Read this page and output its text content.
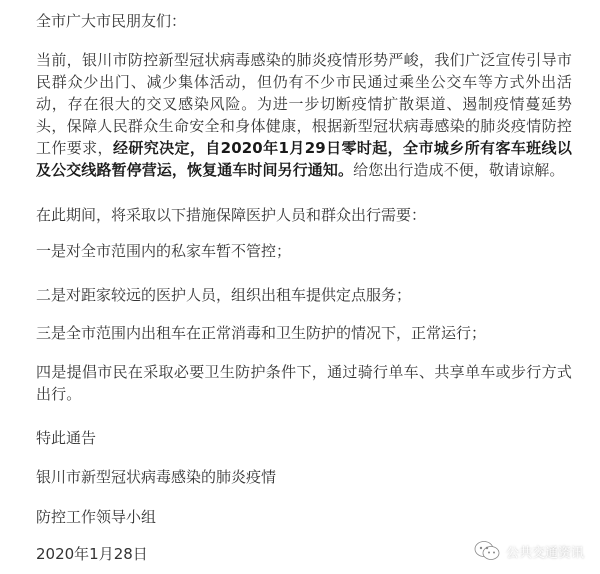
全市广大市民朋友们：
当前，银川市防控新型冠状病毒感染的肺炎疫情形势严峻，我们广泛宣传引导市民群众少出门、减少集体活动，但仍有不少市民通过乘坐公交车等方式外出活动，存在很大的交叉感染风险。为进一步切断疫情扩散渠道、遏制疫情蔓延势头，保障人民群众生命安全和身体健康，根据新型冠状病毒感染的肺炎疫情防控工作要求，经研究决定，自2020年1月29日零时起，全市城乡所有客车班线以及公交线路暂停营运，恢复通车时间另行通知。给您出行造成不便，敬请谅解。
在此期间，将采取以下措施保障医护人员和群众出行需要：
一是对全市范围内的私家车暂不管控；
二是对距家较远的医护人员，组织出租车提供定点服务；
三是全市范围内出租车在正常消毒和卫生防护的情况下，正常运行；
四是提倡市民在采取必要卫生防护条件下，通过骑行单车、共享单车或步行方式出行。
特此通告
银川市新型冠状病毒感染的肺炎疫情
防控工作领导小组
2020年1月28日	公共交通资讯
